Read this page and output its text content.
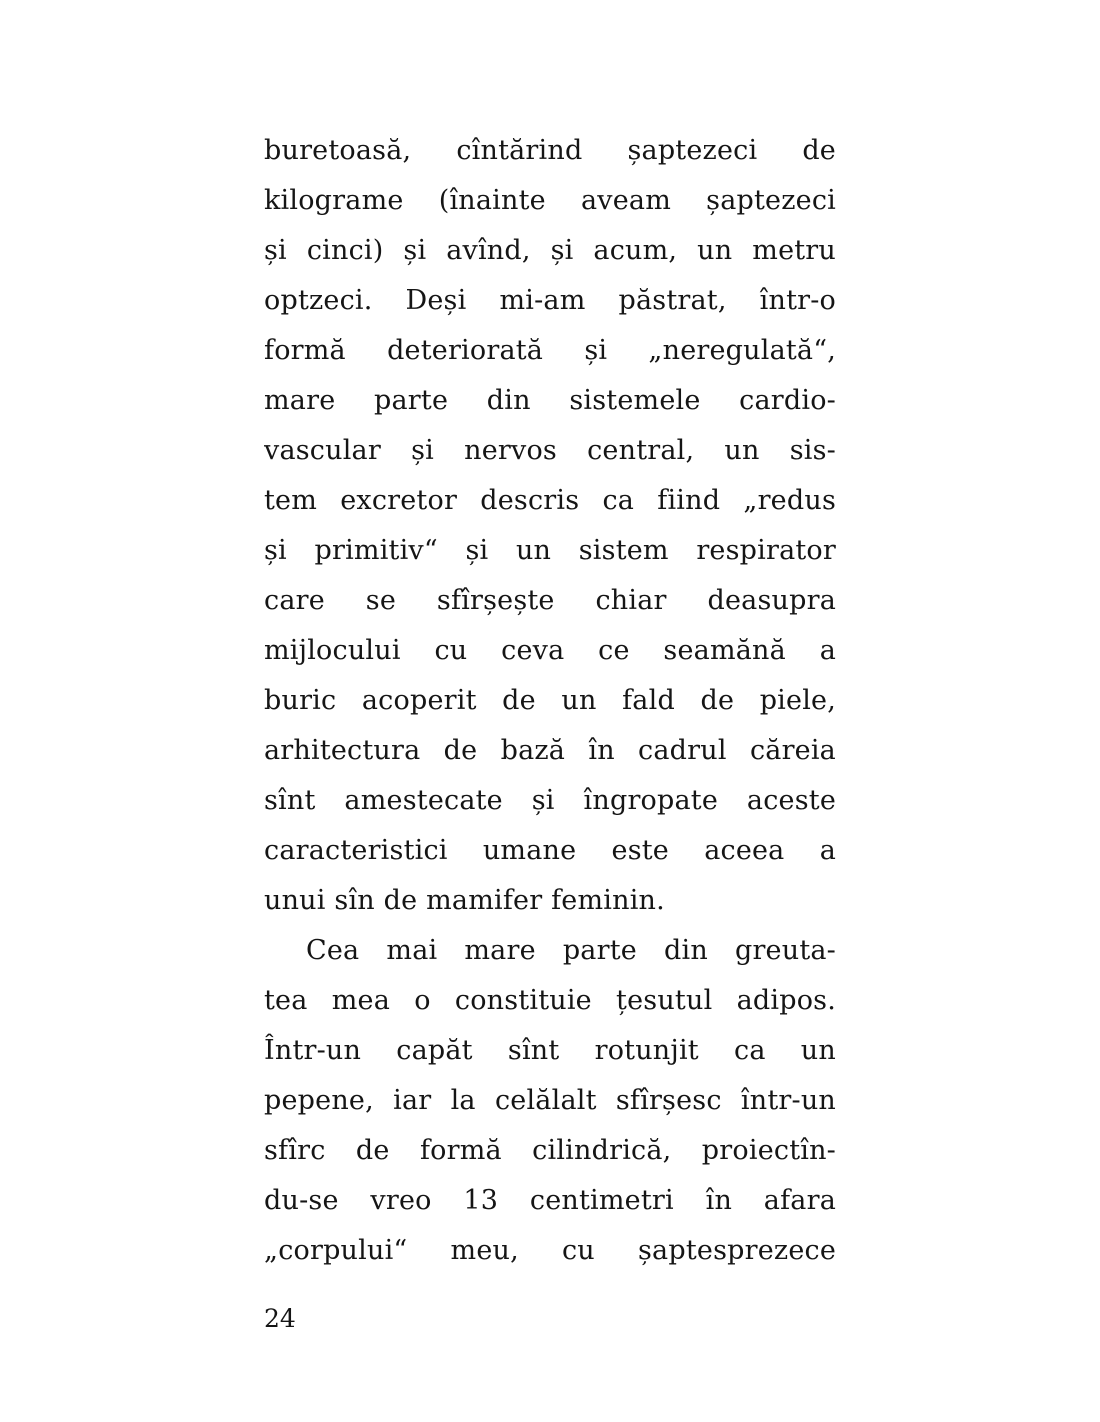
buretoasă, cîntărind șaptezeci de
kilograme (înainte aveam șaptezeci
și cinci) și avînd, și acum, un metru
optzeci. Deși mi-am păstrat, într-o
formă deteriorată și „neregulată“,
mare parte din sistemele cardio-
vascular și nervos central, un sis-
tem excretor descris ca fiind „redus
și primitiv“ și un sistem respirator
care se sfîrșește chiar deasupra
mijlocului cu ceva ce seamănă a
buric acoperit de un fald de piele,
arhitectura de bază în cadrul căreia
sînt amestecate și îngropate aceste
caracteristici umane este aceea a
unui sîn de mamifer feminin.
Cea mai mare parte din greuta-
tea mea o constituie țesutul adipos.
Într-un capăt sînt rotunjit ca un
pepene, iar la celălalt sfîrșesc într-un
sfîrc de formă cilindrică, proiectîn-
du-se vreo 13 centimetri în afara
„corpului“ meu, cu șaptesprezece
24
